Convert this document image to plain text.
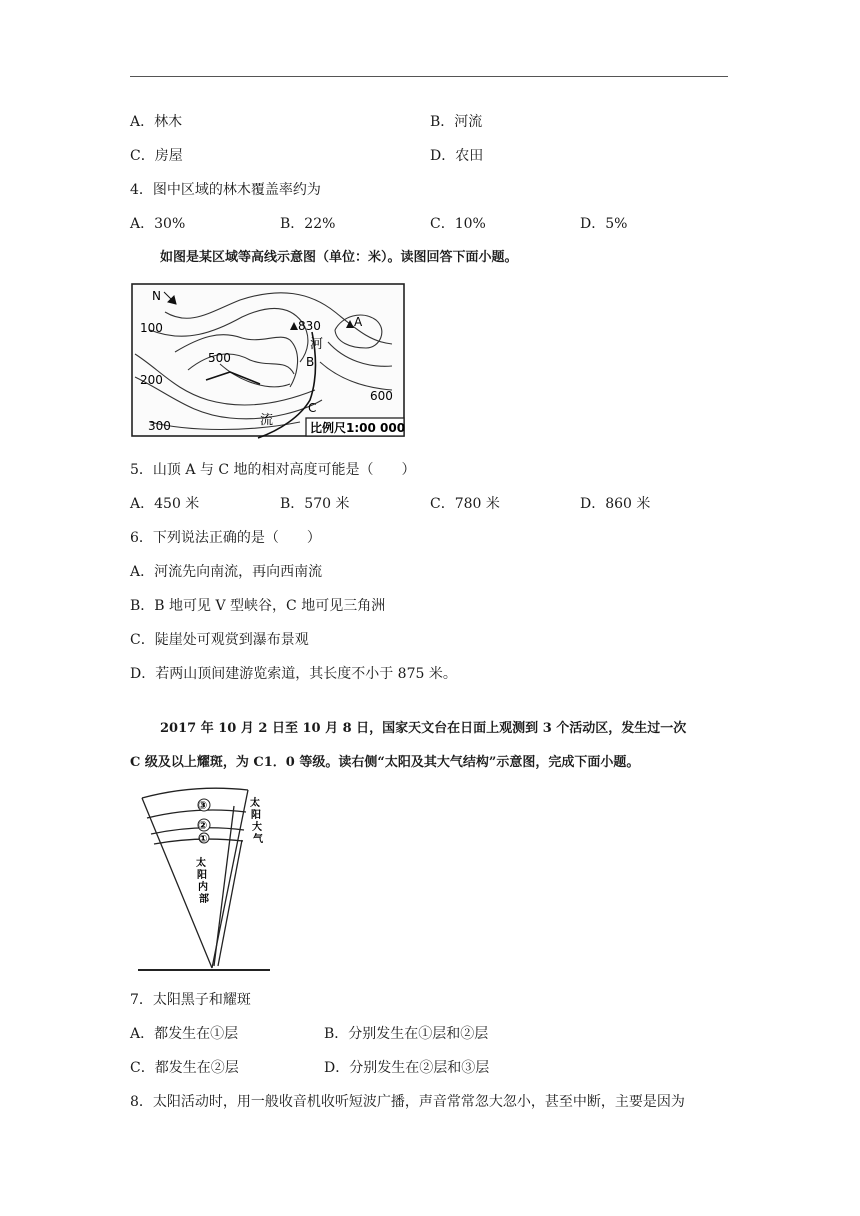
A．林木	B．河流
C．房屋	D．农田
4．图中区域的林木覆盖率约为
A．30%	B．22%	C．10%	D．5%
如图是某区域等高线示意图（单位：米）。读图回答下面小题。
N
100
200
300
500
600
830	A
B
C
河
流	比例尺1:00 000
5．山顶 A 与 C 地的相对高度可能是（　　）
A．450 米	B．570 米	C．780 米	D．860 米
6．下列说法正确的是（　　）
A．河流先向南流，再向西南流
B．B 地可见 V 型峡谷，C 地可见三角洲
C．陡崖处可观赏到瀑布景观
D．若两山顶间建游览索道，其长度不小于 875 米。
2017 年 10 月 2 日至 10 月 8 日，国家天文台在日面上观测到 3 个活动区，发生过一次
C 级及以上耀斑，为 C1．0 等级。读右侧“太阳及其大气结构”示意图，完成下面小题。
③
②
①
太
阳
大
气
太
阳
内
部
7．太阳黑子和耀斑
A．都发生在①层	B．分别发生在①层和②层
C．都发生在②层	D．分别发生在②层和③层
8．太阳活动时，用一般收音机收听短波广播，声音常常忽大忽小，甚至中断，主要是因为
